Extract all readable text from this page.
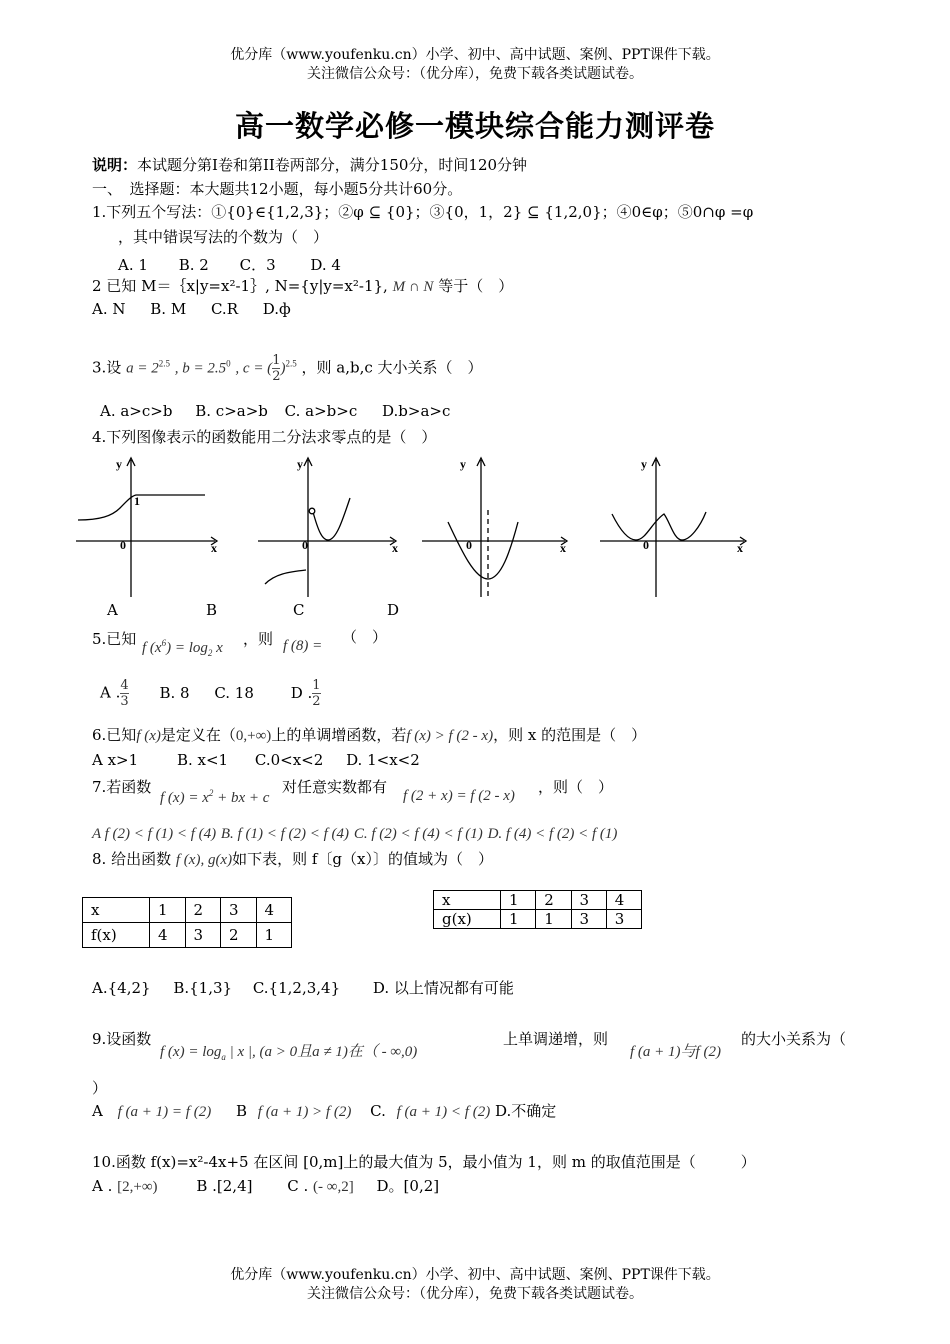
优分库（www.youfenku.cn）小学、初中、高中试题、案例、PPT课件下载。
关注微信公众号：（优分库），免费下载各类试题试卷。
高一数学必修一模块综合能力测评卷
说明：本试题分第I卷和第II卷两部分，满分150分，时间120分钟
一、　选择题：本大题共12小题，每小题5分共计60分。
1.下列五个写法：①{0}∈{1,2,3}；②φ ⊆ {0}；③{0，1，2} ⊆ {1,2,0}；④0∈φ；⑤0∩φ =φ
，其中错误写法的个数为（　）
A. 1 B. 2 C．3 D. 4
2 已知 M＝｛x|y=x²-1｝, N={y|y=x²-1}, M ∩ N 等于（　）
A. N B. M C.R D.ф
3.设 $a = 2^{2.5}$ , $b = 2.5^0$ , c = ( $\frac{1}{2} )^{2.5}$ ，则 a,b,c 大小关系（　）
A. a>c>b B. c>a>b C. a>b>c D.b>a>c
4.下列图像表示的函数能用二分法求零点的是（　）
y
x
0
1
y
x
0
y
x
0
y
x
0
A	B	C	D
5.已知 f $(x^6) = \log_2 x$ ，则 f (8) = （　）
A . $\frac{4}{3} B$. 8 C. 18 D . $\frac{1}{2}$
6.已知f (x)是定义在（0,+∞)上的单调增函数，若f (x) > f (2 - x)，则 x 的范围是（　）
A x>1	B. x<1 C.0<x<2 D. 1<x<2
7.若函数
f $(x) = x^2$ + bx + c
对任意实数都有 f (2 + x) = f (2 - x) ，则（　）
A f (2) < f (1) < f (4) B. f (1) < f (2) < f (4) C. f (2) < f (4) < f (1) D. f (4) < f (2) < f (1)
8. 给出函数 f (x), g(x)如下表，则 f〔g（x）〕的值域为（　）
x	1	2	3	4
f(x)	4	3	2	1
x	1	2	3	4
g(x)	1	1	3	3
A.{4,2} B.{1,3} C.{1,2,3,4} D. 以上情况都有可能
9.设函数
f $(x) = \log_a$ | x |, (a > 0且a ≠ 1)在（ - ∞,0)
上单调递增，则
f (a + 1)与f (2)
的大小关系为（
）
A f (a + 1) = f (2) B f (a + 1) > f (2) C. f (a + 1) < f (2) D.不确定
10.函数 f(x)=x²-4x+5 在区间 [0,m]上的最大值为 5，最小值为 1，则 m 的取值范围是（　　　）
A . [2,+∞)	B .[2,4] C . (- ∞,2] D。[0,2]
优分库（www.youfenku.cn）小学、初中、高中试题、案例、PPT课件下载。
关注微信公众号：（优分库），免费下载各类试题试卷。
